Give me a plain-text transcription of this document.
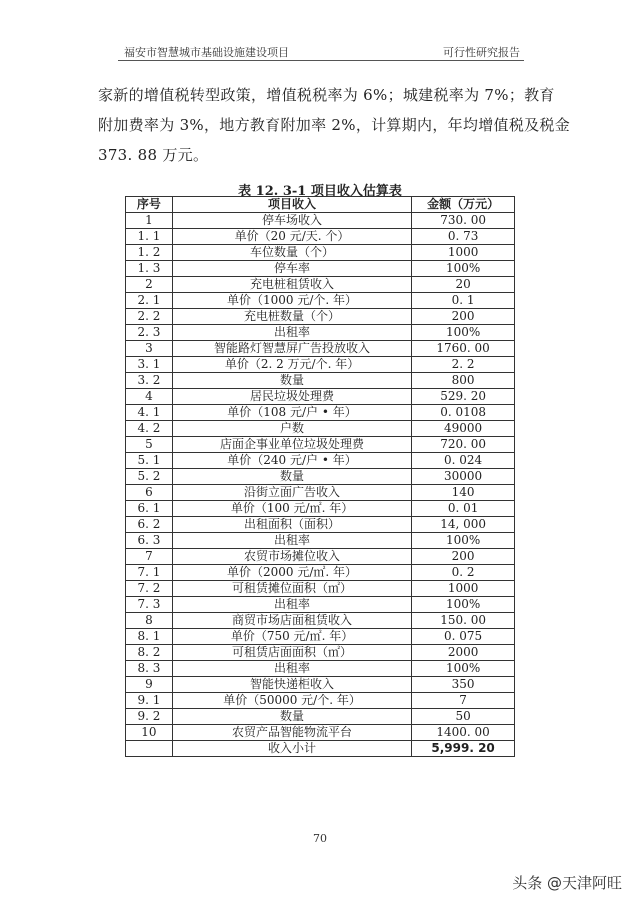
福安市智慧城市基础设施建设项目	可行性研究报告
家新的增值税转型政策，增值税税率为 6%；城建税率为 7%；教育
附加费率为 3%，地方教育附加率 2%，计算期内，年均增值税及税金
373. 88 万元。
表 12. 3-1 项目收入估算表
序号	项目收入	金额（万元）
1	停车场收入	730. 00
1. 1	单价（20 元/天. 个）	0. 73
1. 2	车位数量（个）	1000
1. 3	停车率	100%
2	充电桩租赁收入	20
2. 1	单价（1000 元/个. 年）	0. 1
2. 2	充电桩数量（个）	200
2. 3	出租率	100%
3	智能路灯智慧屏广告投放收入	1760. 00
3. 1	单价（2. 2 万元/个. 年）	2. 2
3. 2	数量	800
4	居民垃圾处理费	529. 20
4. 1	单价（108 元/户 • 年）	0. 0108
4. 2	户数	49000
5	店面企事业单位垃圾处理费	720. 00
5. 1	单价（240 元/户 • 年）	0. 024
5. 2	数量	30000
6	沿街立面广告收入	140
6. 1	单价（100 元/㎡. 年）	0. 01
6. 2	出租面积（面积）	14, 000
6. 3	出租率	100%
7	农贸市场摊位收入	200
7. 1	单价（2000 元/㎡. 年）	0. 2
7. 2	可租赁摊位面积（㎡）	1000
7. 3	出租率	100%
8	商贸市场店面租赁收入	150. 00
8. 1	单价（750 元/㎡. 年）	0. 075
8. 2	可租赁店面面积（㎡）	2000
8. 3	出租率	100%
9	智能快递柜收入	350
9. 1	单价（50000 元/个. 年）	7
9. 2	数量	50
10	农贸产品智能物流平台	1400. 00
	收入小计	5,999. 20
70
头条 @天津阿旺
